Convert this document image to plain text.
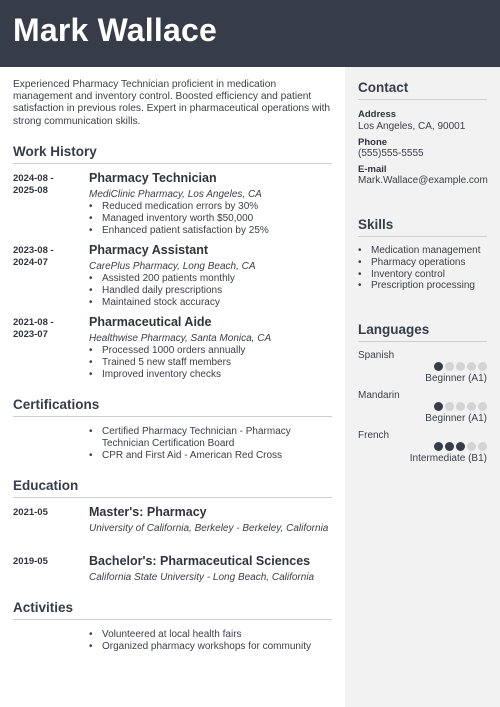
Mark Wallace

Experienced Pharmacy Technician proficient in medication management and inventory control. Boosted efficiency and patient satisfaction in previous roles. Expert in pharmaceutical operations with strong communication skills.

Work History
2024-08 -
2025-08
Pharmacy Technician
MediClinic Pharmacy, Los Angeles, CA
• Reduced medication errors by 30%
• Managed inventory worth $50,000
• Enhanced patient satisfaction by 25%
2023-08 -
2024-07
Pharmacy Assistant
CarePlus Pharmacy, Long Beach, CA
• Assisted 200 patients monthly
• Handled daily prescriptions
• Maintained stock accuracy
2021-08 -
2023-07
Pharmaceutical Aide
Healthwise Pharmacy, Santa Monica, CA
• Processed 1000 orders annually
• Trained 5 new staff members
• Improved inventory checks
Certifications
• Certified Pharmacy Technician - Pharmacy Technician Certification Board
• CPR and First Aid - American Red Cross
Education
2021-05	Master's: Pharmacy
University of California, Berkeley - Berkeley, California
2019-05	Bachelor's: Pharmaceutical Sciences
California State University - Long Beach, California
Activities
• Volunteered at local health fairs
• Organized pharmacy workshops for community
Contact
Address
Los Angeles, CA, 90001
Phone
(555)555-5555
E-mail
Mark.Wallace@example.com
Skills
• Medication management
• Pharmacy operations
• Inventory control
• Prescription processing
Languages
Spanish
Beginner (A1)
Mandarin
Beginner (A1)
French
Intermediate (B1)
